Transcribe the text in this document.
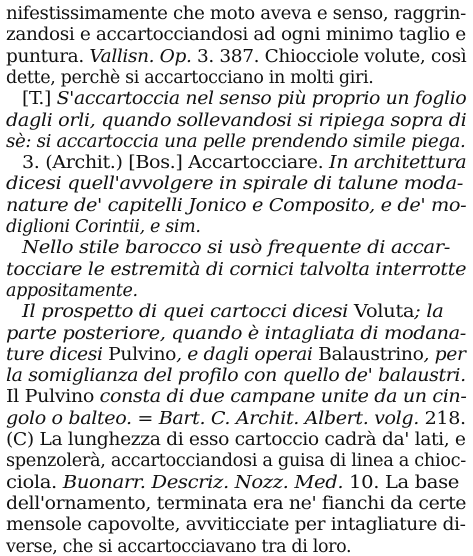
nifestissimamente che moto aveva e senso, raggrin-
zandosi e accartocciandosi ad ogni minimo taglio e
puntura. Vallisn. Op. 3. 387. Chiocciole volute, così
dette, perchè si accartocciano in molti giri.
[T.] S'accartoccia nel senso più proprio un foglio
dagli orli, quando sollevandosi si ripiega sopra di
sè: si accartoccia una pelle prendendo simile piega.
3. (Archit.) [Bos.] Accartocciare. In architettura
dicesi quell'avvolgere in spirale di talune moda-
nature de' capitelli Jonico e Composito, e de' mo-
diglioni Corintii, e sim.
Nello stile barocco si usò frequente di accar-
tocciare le estremità di cornici talvolta interrotte
appositamente.
Il prospetto di quei cartocci dicesi Voluta; la
parte posteriore, quando è intagliata di modana-
ture dicesi Pulvino, e dagli operai Balaustrino, per
la somiglianza del profilo con quello de' balaustri.
Il Pulvino consta di due campane unite da un cin-
golo o balteo. = Bart. C. Archit. Albert. volg. 218.
(C) La lunghezza di esso cartoccio cadrà da' lati, e
spenzolerà, accartocciandosi a guisa di linea a chioc-
ciola. Buonarr. Descriz. Nozz. Med. 10. La base
dell'ornamento, terminata era ne' fianchi da certe
mensole capovolte, avviticciate per intagliature di-
verse, che si accartocciavano tra di loro.
